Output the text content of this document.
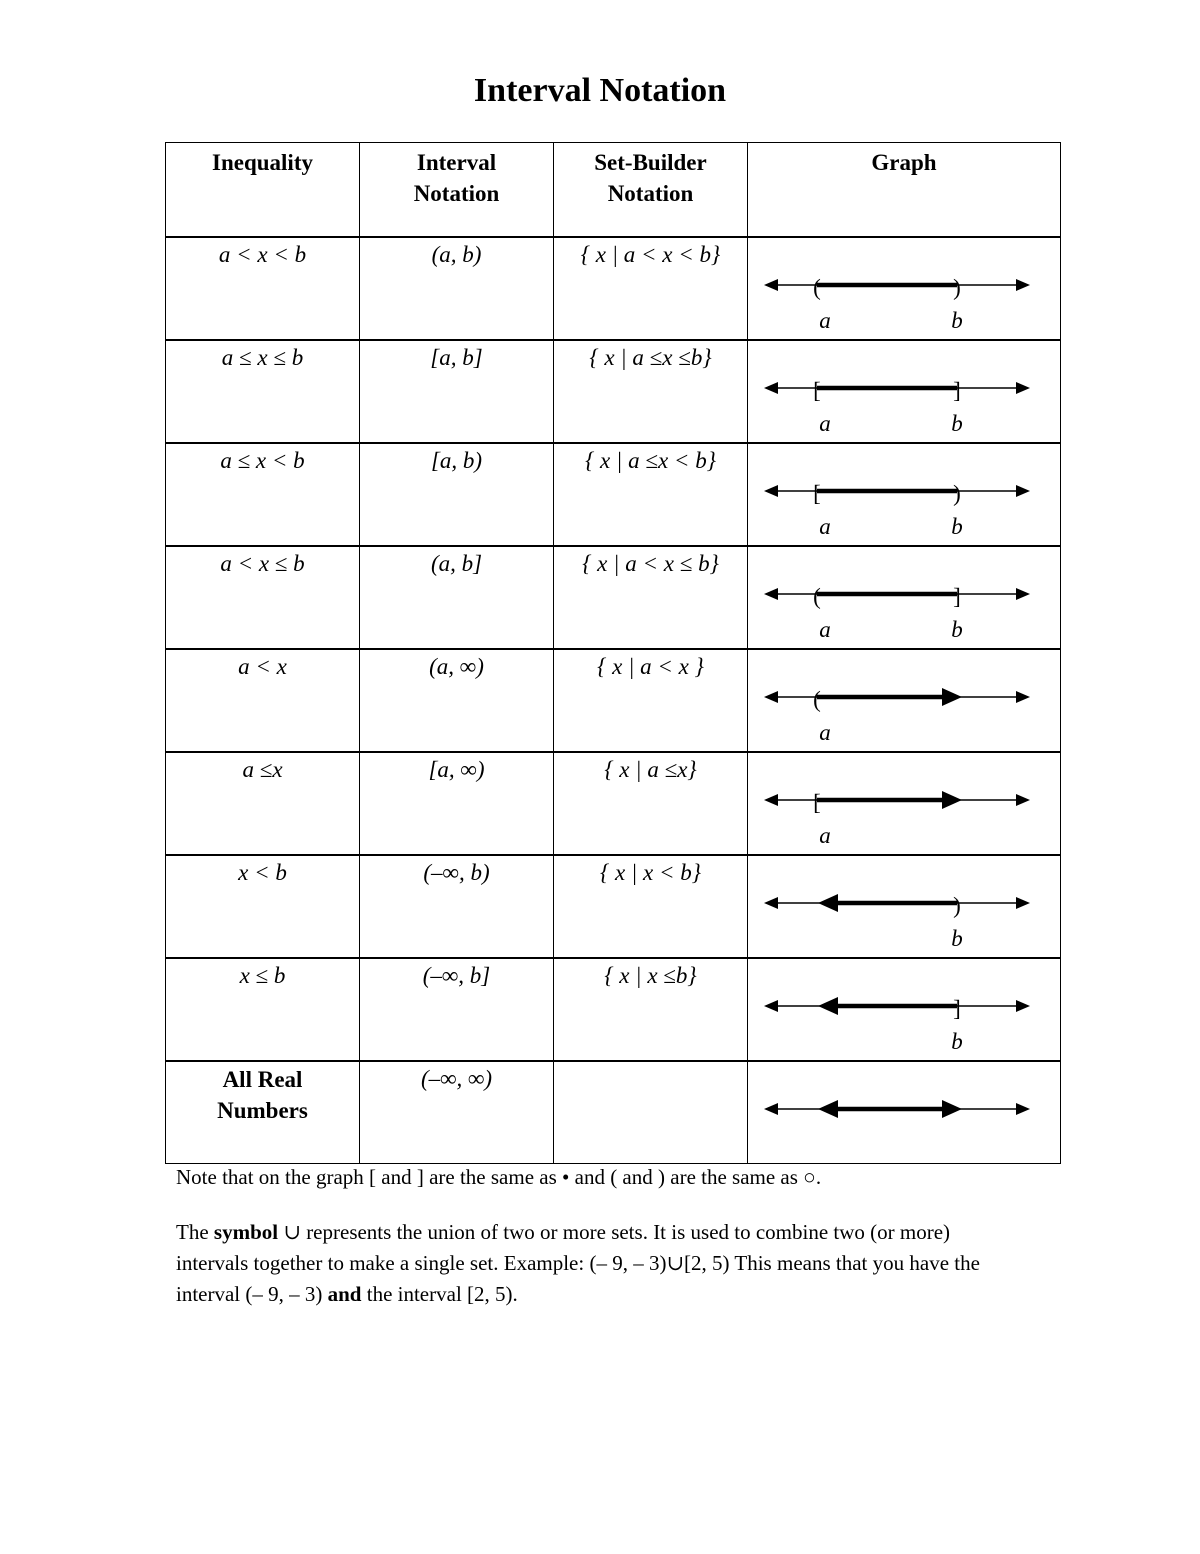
Interval Notation
Inequality	Interval Notation	Set-Builder Notation	Graph
a < x < b	(a, b)	{ x | a < x < b}	( )
a b

a ≤ x ≤ b	[a, b]	{ x | a ≤x ≤b}	[ ]
a b

a ≤ x < b	[a, b)	{ x | a ≤x < b}	[ )
a b

a < x ≤ b	(a, b]	{ x | a < x ≤ b}	( ]
a b

a < x	(a, ∞)	{ x | a < x }	(
a

a ≤x	[a, ∞)	{ x | a ≤x}	[
a

x < b	(–∞, b)	{ x | x < b}	)
b

x ≤ b	(–∞, b]	{ x | x ≤b}	]
b

All Real Numbers	(–∞, ∞)		

Note that on the graph [ and ] are the same as • and ( and ) are the same as ○.

The symbol ∪ represents the union of two or more sets. It is used to combine two (or more) intervals together to make a single set. Example: (– 9, – 3)∪[2, 5) This means that you have the interval (– 9, – 3) and the interval [2, 5).
